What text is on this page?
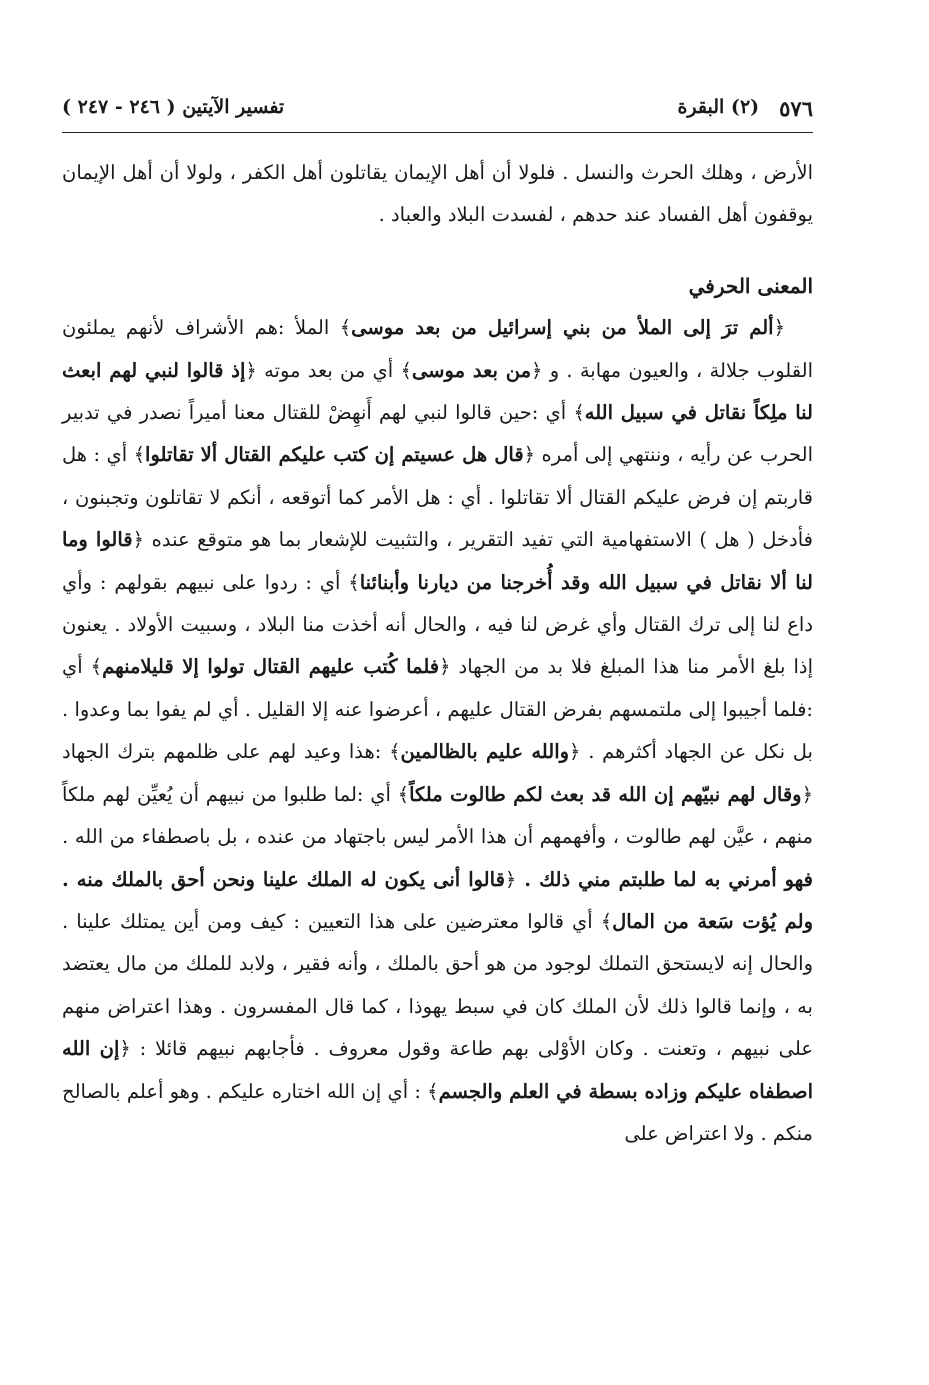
٥٧٦
(٢) البقرة
تفسير الآيتين ( ٢٤٦ - ٢٤٧ )

الأرض ، وهلك الحرث والنسل . فلولا أن أهل الإيمان يقاتلون أهل الكفر ، ولولا أن أهل الإيمان يوقفون أهل الفساد عند حدهم ، لفسدت البلاد والعباد .

المعنى الحرفي

﴿ألم ترَ إلى الملأ من بني إسرائيل من بعد موسى﴾ الملأ :هم الأشراف لأنهم يملئون القلوب جلالة ، والعيون مهابة . و ﴿من بعد موسى﴾ أي من بعد موته ﴿إذ قالوا لنبي لهم ابعث لنا ملِكاً نقاتل في سبيل الله﴾ أي :حين قالوا لنبي لهم أَنهِضْ للقتال معنا أميراً نصدر في تدبير الحرب عن رأيه ، وننتهي إلى أمره ﴿قال هل عسيتم إن كتب عليكم القتال ألا تقاتلوا﴾ أي : هل قاربتم إن فرض عليكم القتال ألا تقاتلوا . أي : هل الأمر كما أتوقعه ، أنكم لا تقاتلون وتجبنون ، فأدخل ( هل ) الاستفهامية التي تفيد التقرير ، والتثبيت للإشعار بما هو متوقع عنده ﴿قالوا وما لنا ألا نقاتل في سبيل الله وقد أُخرجنا من ديارنا وأبنائنا﴾ أي : ردوا على نبيهم بقولهم : وأي داع لنا إلى ترك القتال وأي غرض لنا فيه ، والحال أنه أخذت منا البلاد ، وسبيت الأولاد . يعنون إذا بلغ الأمر منا هذا المبلغ فلا بد من الجهاد ﴿فلما كُتب عليهم القتال تولوا إلا قليلامنهم﴾ أي :فلما أجيبوا إلى ملتمسهم بفرض القتال عليهم ، أعرضوا عنه إلا القليل . أي لم يفوا بما وعدوا . بل نكل عن الجهاد أكثرهم . ﴿والله عليم بالظالمين﴾ :هذا وعيد لهم على ظلمهم بترك الجهاد ﴿وقال لهم نبيّهم إن الله قد بعث لكم طالوت ملكاً﴾ أي :لما طلبوا من نبيهم أن يُعيِّن لهم ملكاً منهم ، عيَّن لهم طالوت ، وأفهمهم أن هذا الأمر ليس باجتهاد من عنده ، بل باصطفاء من الله . فهو أمرني به لما طلبتم مني ذلك . ﴿قالوا أنى يكون له الملك علينا ونحن أحق بالملك منه . ولم يُؤت سَعة من المال﴾ أي قالوا معترضين على هذا التعيين : كيف ومن أين يمتلك علينا . والحال إنه لايستحق التملك لوجود من هو أحق بالملك ، وأنه فقير ، ولابد للملك من مال يعتضد به ، وإنما قالوا ذلك لأن الملك كان في سبط يهوذا ، كما قال المفسرون . وهذا اعتراض منهم على نبيهم ، وتعنت . وكان الأوْلى بهم طاعة وقول معروف . فأجابهم نبيهم قائلا : ﴿إن الله اصطفاه عليكم وزاده بسطة في العلم والجسم﴾ : أي إن الله اختاره عليكم . وهو أعلم بالصالح منكم . ولا اعتراض على
